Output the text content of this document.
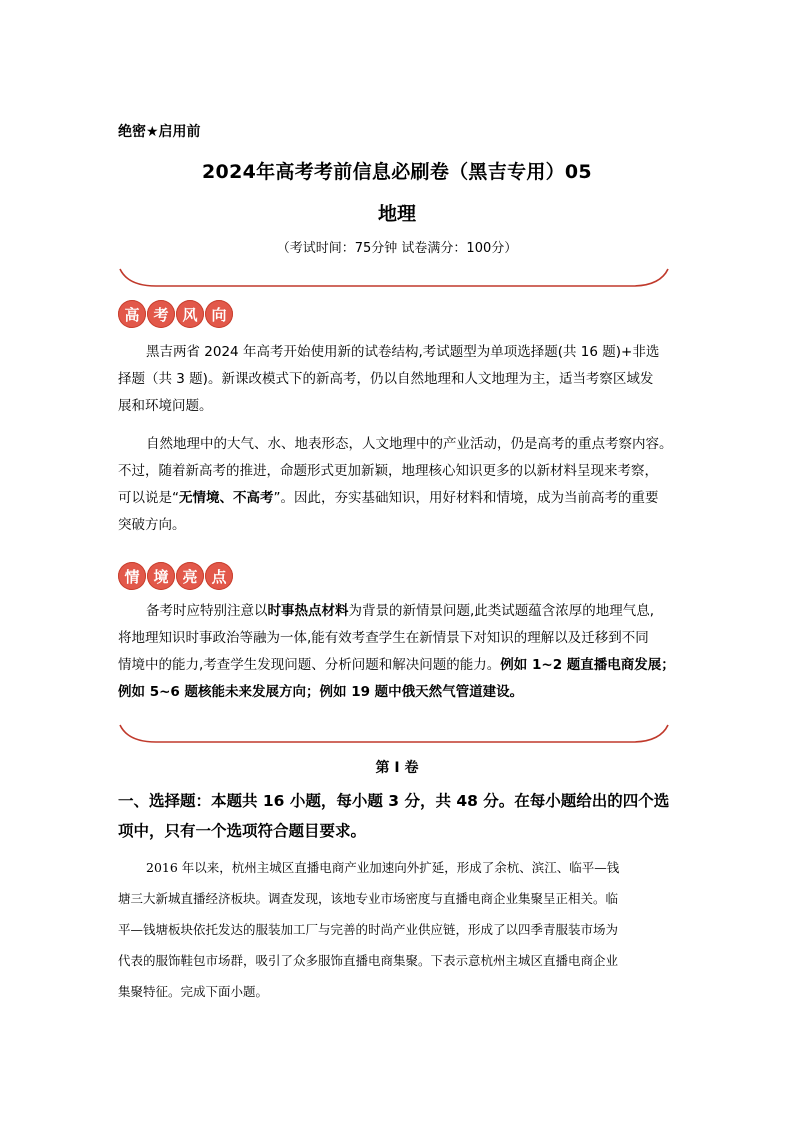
绝密★启用前
2024年高考考前信息必刷卷（黑吉专用）05
地理
（考试时间：75分钟 试卷满分：100分）
高 考 风 向
黑吉两省 2024 年高考开始使用新的试卷结构,考试题型为单项选择题(共 16 题)+非选
择题（共 3 题)。新课改模式下的新高考，仍以自然地理和人文地理为主，适当考察区域发
展和环境问题。
自然地理中的大气、水、地表形态，人文地理中的产业活动，仍是高考的重点考察内容。
不过，随着新高考的推进，命题形式更加新颖，地理核心知识更多的以新材料呈现来考察，
可以说是“无情境、不高考”。因此，夯实基础知识，用好材料和情境，成为当前高考的重要
突破方向。
情 境 亮 点
备考时应特别注意以时事热点材料为背景的新情景问题,此类试题蕴含浓厚的地理气息,
将地理知识时事政治等融为一体,能有效考查学生在新情景下对知识的理解以及迁移到不同
情境中的能力,考查学生发现问题、分析问题和解决问题的能力。例如 1~2 题直播电商发展；
例如 5~6 题核能未来发展方向；例如 19 题中俄天然气管道建设。
第 I 卷
一、选择题：本题共 16 小题，每小题 3 分，共 48 分。在每小题给出的四个选
项中，只有一个选项符合题目要求。
2016 年以来，杭州主城区直播电商产业加速向外扩延，形成了余杭、滨江、临平—钱
塘三大新城直播经济板块。调查发现，该地专业市场密度与直播电商企业集聚呈正相关。临
平—钱塘板块依托发达的服装加工厂与完善的时尚产业供应链，形成了以四季青服装市场为
代表的服饰鞋包市场群，吸引了众多服饰直播电商集聚。下表示意杭州主城区直播电商企业
集聚特征。完成下面小题。
